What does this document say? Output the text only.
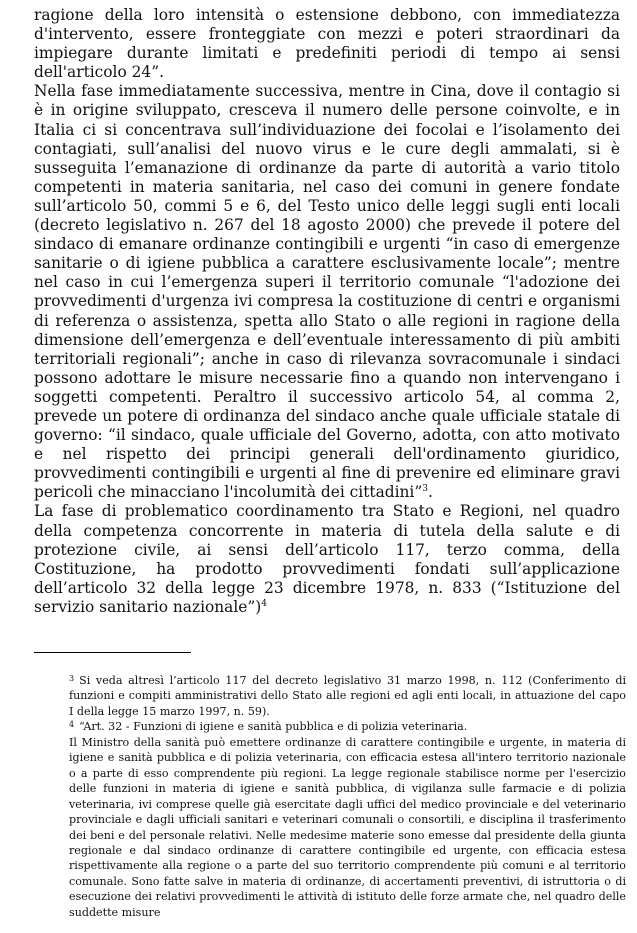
ragione della loro intensità o estensione debbono, con immediatezza d'intervento, essere fronteggiate con mezzi e poteri straordinari da impiegare durante limitati e predefiniti periodi di tempo ai sensi dell'articolo 24”.

Nella fase immediatamente successiva, mentre in Cina, dove il contagio si è in origine sviluppato, cresceva il numero delle persone coinvolte, e in Italia ci si concentrava sull’individuazione dei focolai e l’isolamento dei contagiati, sull’analisi del nuovo virus e le cure degli ammalati, si è susseguita l’emanazione di ordinanze da parte di autorità a vario titolo competenti in materia sanitaria, nel caso dei comuni in genere fondate sull’articolo 50, commi 5 e 6, del Testo unico delle leggi sugli enti locali (decreto legislativo n. 267 del 18 agosto 2000) che prevede il potere del sindaco di emanare ordinanze contingibili e urgenti “in caso di emergenze sanitarie o di igiene pubblica a carattere esclusivamente locale”; mentre nel caso in cui l’emergenza superi il territorio comunale “l'adozione dei provvedimenti d'urgenza ivi compresa la costituzione di centri e organismi di referenza o assistenza, spetta allo Stato o alle regioni in ragione della dimensione dell’emergenza e dell’eventuale interessamento di più ambiti territoriali regionali”; anche in caso di rilevanza sovracomunale i sindaci possono adottare le misure necessarie fino a quando non intervengano i soggetti competenti. Peraltro il successivo articolo 54, al comma 2, prevede un potere di ordinanza del sindaco anche quale ufficiale statale di governo: “il sindaco, quale ufficiale del Governo, adotta, con atto motivato e nel rispetto dei principi generali dell'ordinamento giuridico, provvedimenti contingibili e urgenti al fine di prevenire ed eliminare gravi pericoli che minacciano l'incolumità dei cittadini”$^3$.

La fase di problematico coordinamento tra Stato e Regioni, nel quadro della competenza concorrente in materia di tutela della salute e di protezione civile, ai sensi dell’articolo 117, terzo comma, della Costituzione, ha prodotto provvedimenti fondati sull’applicazione dell’articolo 32 della legge 23 dicembre 1978, n. 833 (“Istituzione del servizio sanitario nazionale”)$^4$

$^3$ Si veda altresì l’articolo 117 del decreto legislativo 31 marzo 1998, n. 112 (Conferimento di funzioni e compiti amministrativi dello Stato alle regioni ed agli enti locali, in attuazione del capo I della legge 15 marzo 1997, n. 59).

$^4$ “Art. 32 - Funzioni di igiene e sanità pubblica e di polizia veterinaria.

Il Ministro della sanità può emettere ordinanze di carattere contingibile e urgente, in materia di igiene e sanità pubblica e di polizia veterinaria, con efficacia estesa all'intero territorio nazionale o a parte di esso comprendente più regioni. La legge regionale stabilisce norme per l'esercizio delle funzioni in materia di igiene e sanità pubblica, di vigilanza sulle farmacie e di polizia veterinaria, ivi comprese quelle già esercitate dagli uffici del medico provinciale e del veterinario provinciale e dagli ufficiali sanitari e veterinari comunali o consortili, e disciplina il trasferimento dei beni e del personale relativi. Nelle medesime materie sono emesse dal presidente della giunta regionale e dal sindaco ordinanze di carattere contingibile ed urgente, con efficacia estesa rispettivamente alla regione o a parte del suo territorio comprendente più comuni e al territorio comunale. Sono fatte salve in materia di ordinanze, di accertamenti preventivi, di istruttoria o di esecuzione dei relativi provvedimenti le attività di istituto delle forze armate che, nel quadro delle suddette misure
